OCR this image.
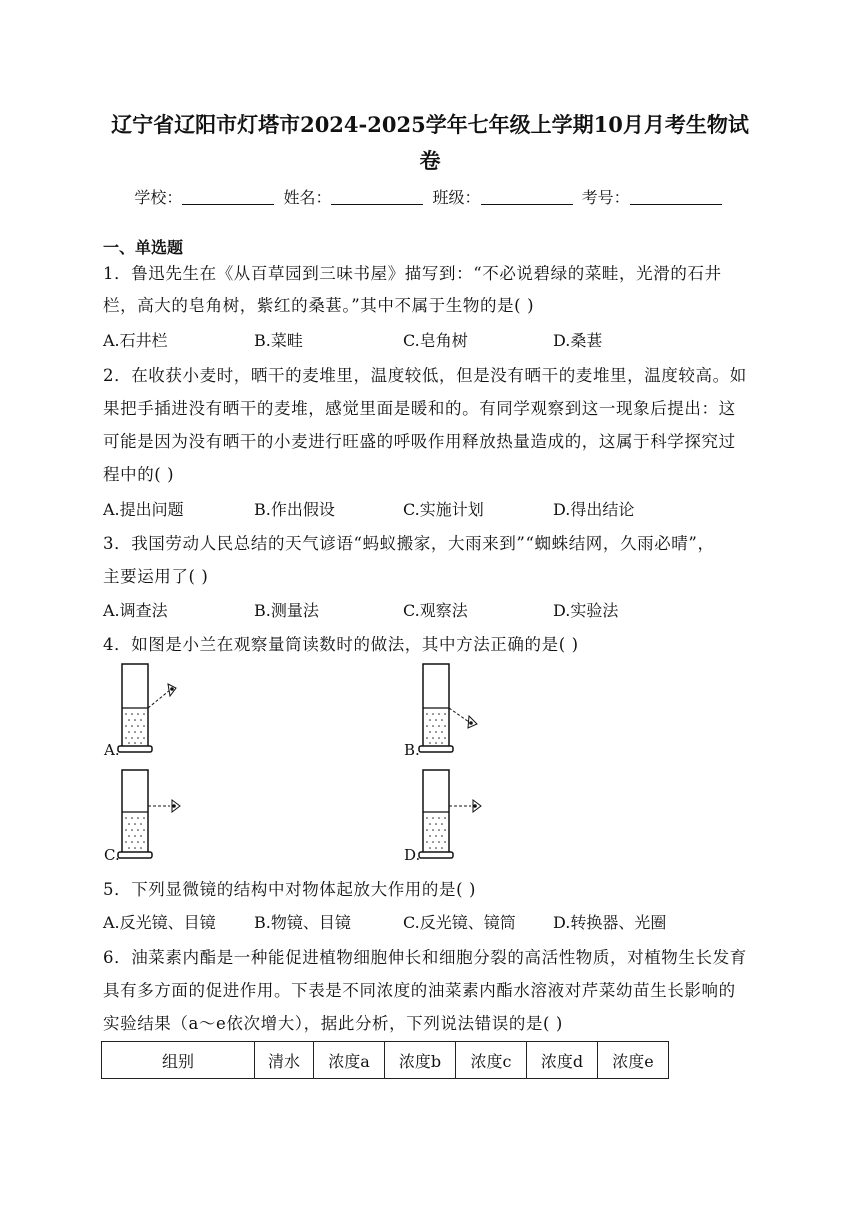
辽宁省辽阳市灯塔市2024-2025学年七年级上学期10月月考生物试
卷
学校：	姓名：	班级：	考号：
一、单选题
1．鲁迅先生在《从百草园到三味书屋》描写到：“不必说碧绿的菜畦，光滑的石井
栏，高大的皂角树，紫红的桑葚。”其中不属于生物的是( )
A.石井栏	B.菜畦	C.皂角树	D.桑葚
2．在收获小麦时，晒干的麦堆里，温度较低，但是没有晒干的麦堆里，温度较高。如
果把手插进没有晒干的麦堆，感觉里面是暖和的。有同学观察到这一现象后提出：这
可能是因为没有晒干的小麦进行旺盛的呼吸作用释放热量造成的，这属于科学探究过
程中的( )
A.提出问题	B.作出假设	C.实施计划	D.得出结论
3．我国劳动人民总结的天气谚语“蚂蚁搬家，大雨来到”“蜘蛛结网，久雨必晴”，
主要运用了( )
A.调查法	B.测量法	C.观察法	D.实验法
4．如图是小兰在观察量筒读数时的做法，其中方法正确的是( )
A.	B.
C.	D.
5．下列显微镜的结构中对物体起放大作用的是( )
A.反光镜、目镜 B.物镜、目镜	C.反光镜、镜筒 D.转换器、光圈
6．油菜素内酯是一种能促进植物细胞伸长和细胞分裂的高活性物质，对植物生长发育
具有多方面的促进作用。下表是不同浓度的油菜素内酯水溶液对芹菜幼苗生长影响的
实验结果（a～e依次增大），据此分析，下列说法错误的是( )
组别	清水	浓度a	浓度b	浓度c	浓度d	浓度e
